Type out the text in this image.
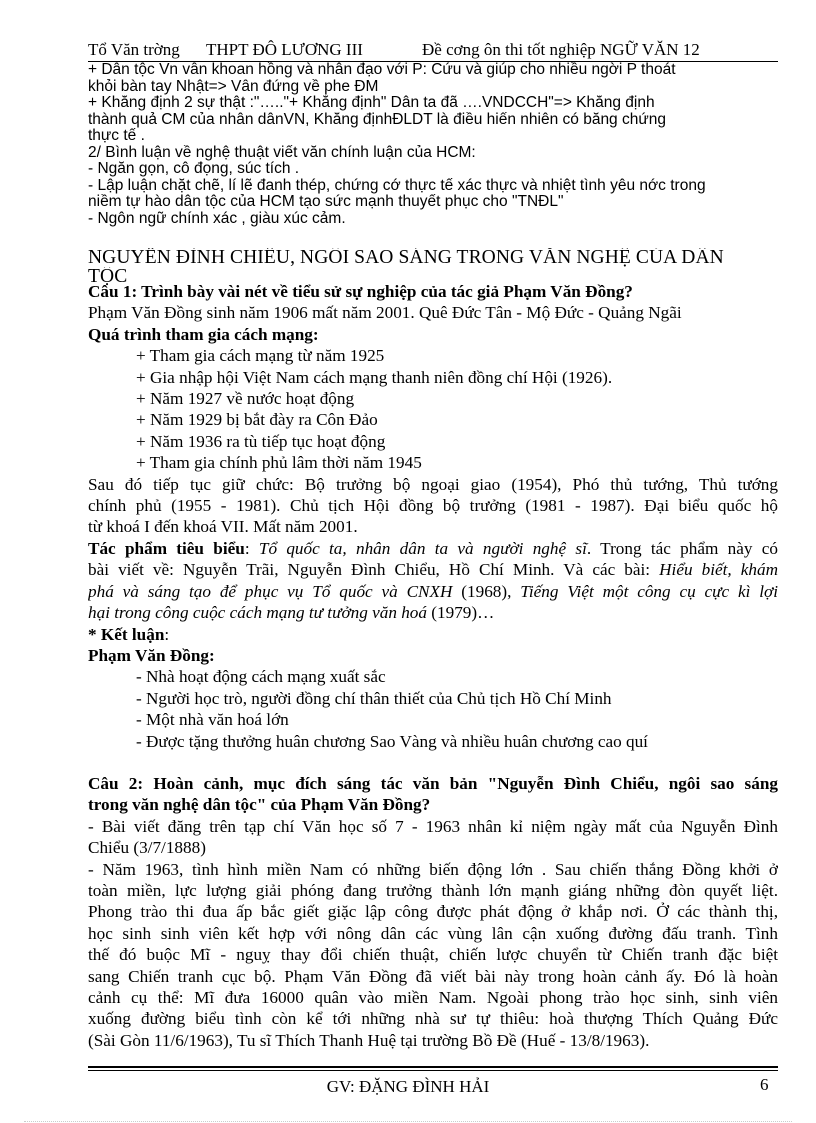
Tổ Văn trờng THPT ĐÔ LƯƠNG III	Đề cơng ôn thi tốt nghiệp NGỮ VĂN 12
+ Dân tộc Vn vẫn khoan hồng và nhân đạo với P: Cứu và giúp cho nhiều ngời P thoát
khỏi bàn tay Nhật=> Vẫn đứng về phe ĐM
+ Khẳng định 2 sự thật :"….."+ Khẳng định" Dân ta đã ….VNDCCH"=> Khẳng định
thành quả CM của nhân dânVN, Khẳng địnhĐLDT là điều hiển nhiên có bằng chứng
thực tế .
2/ Bình luận về nghệ thuật viết văn chính luận của HCM:
- Ngắn gọn, cô đọng, súc tích .
- Lập luận chặt chẽ, lí lẽ đanh thép, chứng cớ thực tế xác thực và nhiệt tình yêu nớc trong
niềm tự hào dân tộc của HCM tạo sức mạnh thuyết phục cho "TNĐL"
- Ngôn ngữ chính xác , giàu xúc cảm.
NGUYỄN ĐÌNH CHIỂU, NGÔI SAO SÁNG TRONG VĂN NGHỆ CỦA DÂN
TỘC
Câu 1: Trình bày vài nét về tiểu sử sự nghiệp của tác giả Phạm Văn Đồng?
Phạm Văn Đồng sinh năm 1906 mất năm 2001. Quê Đức Tân - Mộ Đức - Quảng Ngãi
Quá trình tham gia cách mạng:
+ Tham gia cách mạng từ năm 1925
+ Gia nhập hội Việt Nam cách mạng thanh niên đồng chí Hội (1926).
+ Năm 1927 về nước hoạt động
+ Năm 1929 bị bắt đày ra Côn Đảo
+ Năm 1936 ra tù tiếp tục hoạt động
+ Tham gia chính phủ lâm thời năm 1945
Sau đó tiếp tục giữ chức: Bộ trưởng bộ ngoại giao (1954), Phó thủ tướng, Thủ tướng
chính phủ (1955 - 1981). Chủ tịch Hội đồng bộ trưởng (1981 - 1987). Đại biểu quốc hộ
từ khoá I đến khoá VII. Mất năm 2001.
Tác phẩm tiêu biểu: Tổ quốc ta, nhân dân ta và người nghệ sĩ. Trong tác phẩm này có
bài viết về: Nguyễn Trãi, Nguyễn Đình Chiểu, Hồ Chí Minh. Và các bài: Hiểu biết, khám
phá và sáng tạo để phục vụ Tổ quốc và CNXH (1968), Tiếng Việt một công cụ cực kì lợi
hại trong công cuộc cách mạng tư tưởng văn hoá (1979)…
* Kết luận:
Phạm Văn Đồng:
- Nhà hoạt động cách mạng xuất sắc
- Người học trò, người đồng chí thân thiết của Chủ tịch Hồ Chí Minh
- Một nhà văn hoá lớn
- Được tặng thưởng huân chương Sao Vàng và nhiều huân chương cao quí
Câu 2: Hoàn cảnh, mục đích sáng tác văn bản "Nguyễn Đình Chiểu, ngôi sao sáng
trong văn nghệ dân tộc" của Phạm Văn Đồng?
- Bài viết đăng trên tạp chí Văn học số 7 - 1963 nhân kỉ niệm ngày mất của Nguyễn Đình
Chiểu (3/7/1888)
- Năm 1963, tình hình miền Nam có những biến động lớn . Sau chiến thắng Đồng khởi ở
toàn miền, lực lượng giải phóng đang trưởng thành lớn mạnh giáng những đòn quyết liệt.
Phong trào thi đua ấp bắc giết giặc lập công được phát động ở khắp nơi. Ở các thành thị,
học sinh sinh viên kết hợp với nông dân các vùng lân cận xuống đường đấu tranh. Tình
thế đó buộc Mĩ - nguỵ thay đổi chiến thuật, chiến lược chuyển từ Chiến tranh đặc biệt
sang Chiến tranh cục bộ. Phạm Văn Đồng đã viết bài này trong hoàn cảnh ấy. Đó là hoàn
cảnh cụ thể: Mĩ đưa 16000 quân vào miền Nam. Ngoài phong trào học sinh, sinh viên
xuống đường biểu tình còn kể tới những nhà sư tự thiêu: hoà thượng Thích Quảng Đức
(Sài Gòn 11/6/1963), Tu sĩ Thích Thanh Huệ tại trường Bồ Đề (Huế - 13/8/1963).
GV: ĐẶNG ĐÌNH HẢI	6
